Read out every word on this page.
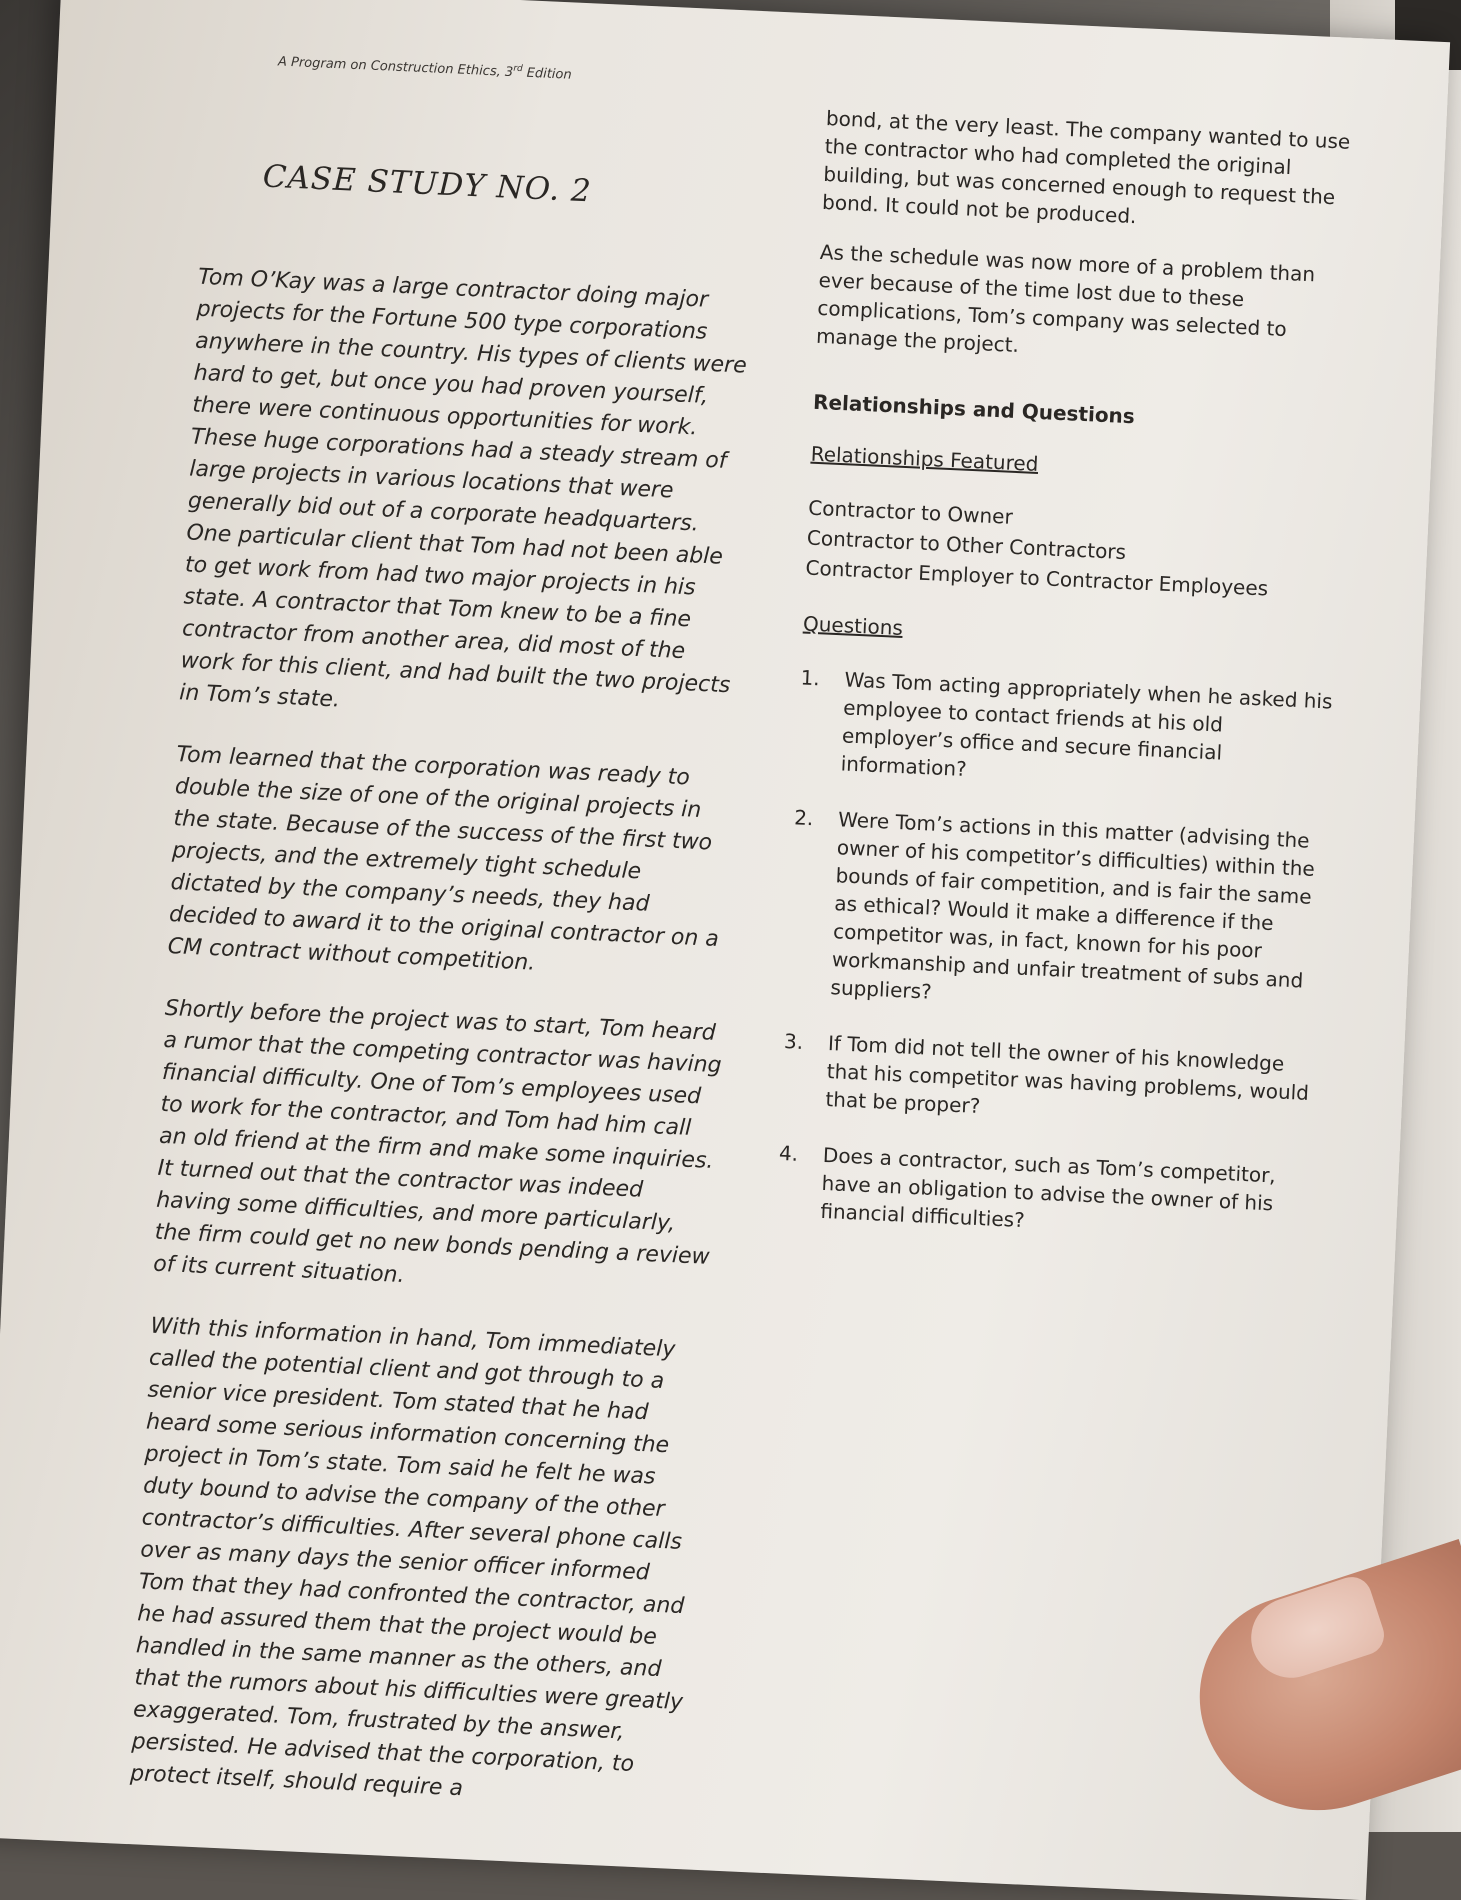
A Program on Construction Ethics, 3rd Edition
CASE STUDY NO. 2

Tom O’Kay was a large contractor doing major projects for the Fortune 500 type corporations anywhere in the country. His types of clients were hard to get, but once you had proven yourself, there were continuous opportunities for work. These huge corporations had a steady stream of large projects in various locations that were generally bid out of a corporate headquarters. One particular client that Tom had not been able to get work from had two major projects in his state. A contractor that Tom knew to be a fine contractor from another area, did most of the work for this client, and had built the two projects in Tom’s state.

Tom learned that the corporation was ready to double the size of one of the original projects in the state. Because of the success of the first two projects, and the extremely tight schedule dictated by the company’s needs, they had decided to award it to the original contractor on a CM contract without competition.

Shortly before the project was to start, Tom heard a rumor that the competing contractor was having financial difficulty. One of Tom’s employees used to work for the contractor, and Tom had him call an old friend at the firm and make some inquiries. It turned out that the contractor was indeed having some difficulties, and more particularly, the firm could get no new bonds pending a review of its current situation.

With this information in hand, Tom immediately called the potential client and got through to a senior vice president. Tom stated that he had heard some serious information concerning the project in Tom’s state. Tom said he felt he was duty bound to advise the company of the other contractor’s difficulties. After several phone calls over as many days the senior officer informed Tom that they had confronted the contractor, and he had assured them that the project would be handled in the same manner as the others, and that the rumors about his difficulties were greatly exaggerated. Tom, frustrated by the answer, persisted. He advised that the corporation, to protect itself, should require a

bond, at the very least. The company wanted to use the contractor who had completed the original building, but was concerned enough to request the bond. It could not be produced.

As the schedule was now more of a problem than ever because of the time lost due to these complications, Tom’s company was selected to manage the project.

Relationships and Questions
Relationships Featured
Contractor to Owner
Contractor to Other Contractors
Contractor Employer to Contractor Employees
Questions
1. Was Tom acting appropriately when he asked his employee to contact friends at his old employer’s office and secure financial information?
2. Were Tom’s actions in this matter (advising the owner of his competitor’s difficulties) within the bounds of fair competition, and is fair the same as ethical? Would it make a difference if the competitor was, in fact, known for his poor workmanship and unfair treatment of subs and suppliers?
3. If Tom did not tell the owner of his knowledge that his competitor was having problems, would that be proper?
4. Does a contractor, such as Tom’s competitor, have an obligation to advise the owner of his financial difficulties?
